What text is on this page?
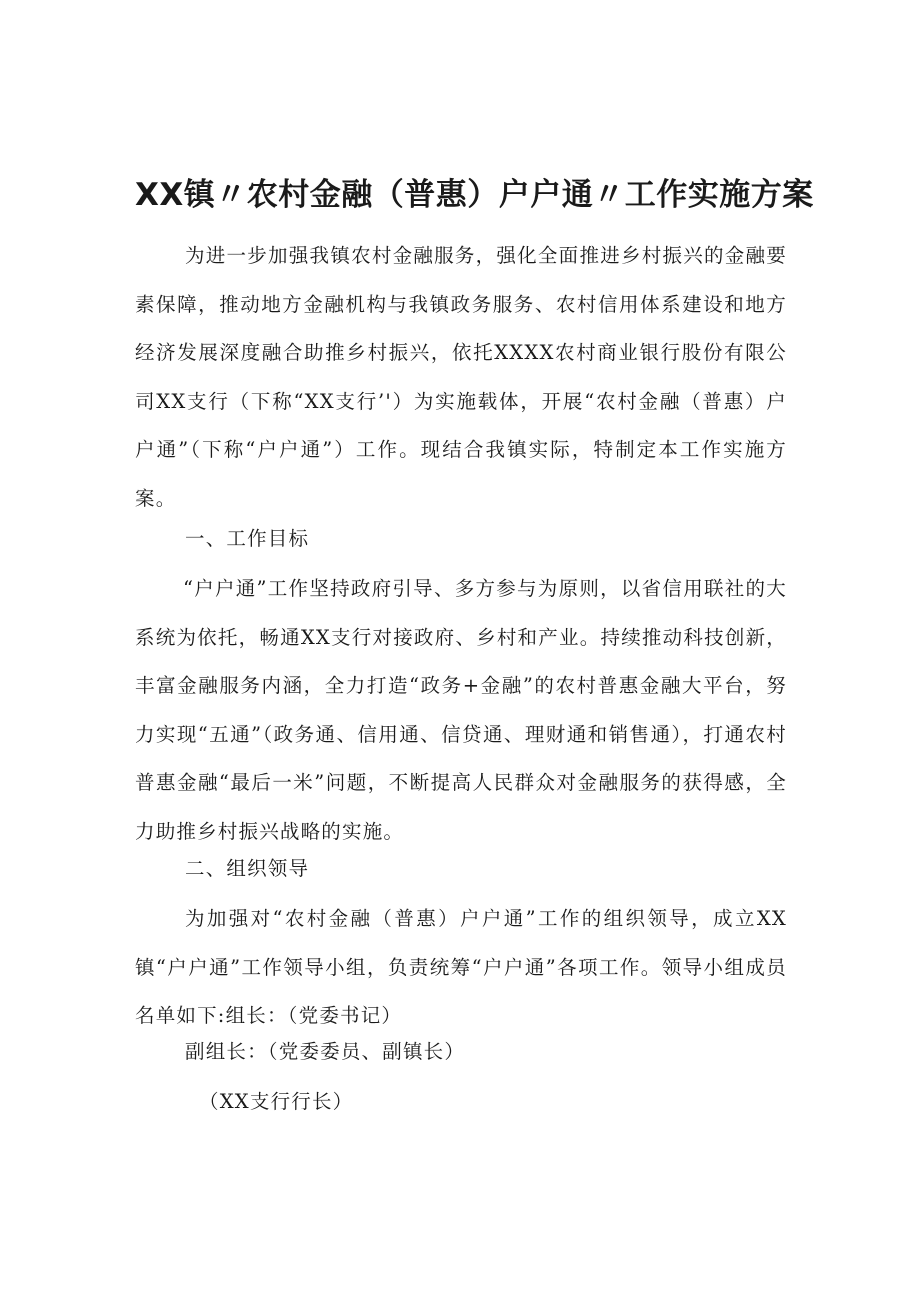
XX镇〃农村金融（普惠）户户通〃工作实施方案

为进一步加强我镇农村金融服务，强化全面推进乡村振兴的金融要素保障，推动地方金融机构与我镇政务服务、农村信用体系建设和地方经济发展深度融合助推乡村振兴，依托XXXX农村商业银行股份有限公司XX支行（下称“XX支行’'）为实施载体，开展“农村金融（普惠）户户通”（下称“户户通”）工作。现结合我镇实际，特制定本工作实施方案。

一、工作目标

“户户通”工作坚持政府引导、多方参与为原则，以省信用联社的大系统为依托，畅通XX支行对接政府、乡村和产业。持续推动科技创新，丰富金融服务内涵，全力打造“政务+金融”的农村普惠金融大平台，努力实现“五通”（政务通、信用通、信贷通、理财通和销售通），打通农村普惠金融“最后一米”问题，不断提高人民群众对金融服务的获得感，全力助推乡村振兴战略的实施。

二、组织领导

为加强对“农村金融（普惠）户户通”工作的组织领导，成立XX镇“户户通”工作领导小组，负责统筹“户户通”各项工作。领导小组成员名单如下:组长：（党委书记）

副组长：（党委委员、副镇长）

（XX支行行长）
